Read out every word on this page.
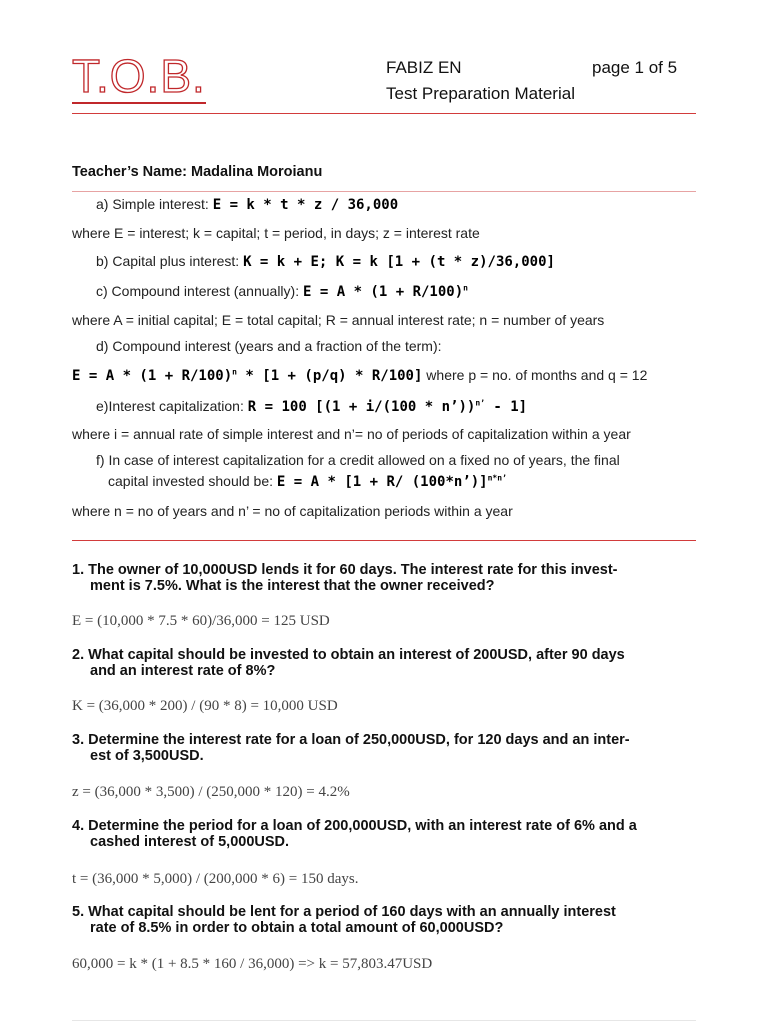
T.O.B.	FABIZ EN	page 1 of 5
Test Preparation Material
Teacher’s Name: Madalina Moroianu
a) Simple interest: E = k * t * z / 36,000
where E = interest; k = capital; t = period, in days; z = interest rate
b) Capital plus interest: K = k + E; K = k [1 + (t * z)/36,000]
c) Compound interest (annually): $E = A * (1 + R/100)^n$
where A = initial capital; E = total capital; R = annual interest rate; n = number of years
d) Compound interest (years and a fraction of the term):
$E = A * (1 + R/100)^n * [1 + (p/q) * R/100]$ where p = no. of months and q = 12
e)Interest capitalization: R = 100 [(1 + i/(100 * n’))$^{n’}$ - 1]
where i = annual rate of simple interest and n’= no of periods of capitalization within a year
f) In case of interest capitalization for a credit allowed on a fixed no of years, the final
capital invested should be: E = A * [1 + R/ (100*n’)]$^{n*n’}$
where n = no of years and n’ = no of capitalization periods within a year
1. The owner of 10,000USD lends it for 60 days. The interest rate for this invest-
ment is 7.5%. What is the interest that the owner received?
E = (10,000 * 7.5 * 60)/36,000 = 125 USD
2. What capital should be invested to obtain an interest of 200USD, after 90 days
and an interest rate of 8%?
K = (36,000 * 200) / (90 * 8) = 10,000 USD
3. Determine the interest rate for a loan of 250,000USD, for 120 days and an inter-
est of 3,500USD.
z = (36,000 * 3,500) / (250,000 * 120) = 4.2%
4. Determine the period for a loan of 200,000USD, with an interest rate of 6% and a
cashed interest of 5,000USD.
t = (36,000 * 5,000) / (200,000 * 6) = 150 days.
5. What capital should be lent for a period of 160 days with an annually interest
rate of 8.5% in order to obtain a total amount of 60,000USD?
60,000 = k * (1 + 8.5 * 160 / 36,000) => k = 57,803.47USD
